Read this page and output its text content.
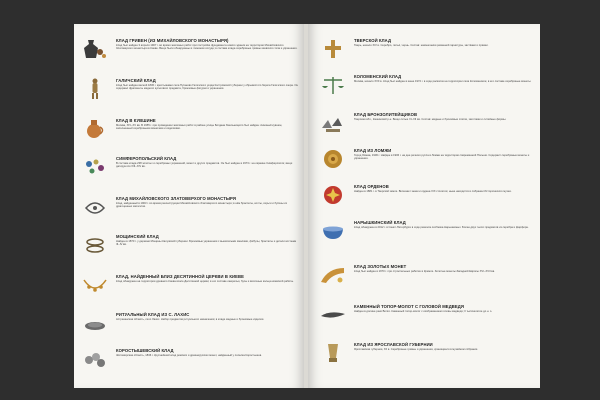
КЛАД ГРИВЕН (ИЗ МИХАЙЛОВСКОГО МОНАСТЫРЯ)
Клад был найден 3 апреля 1907 г. во время земляных работ при постройке фундамента нового здания на территории Михайловского Златоверхого монастыря в Киеве. Вещи были обнаружены в глиняном сосуде; в составе клада серебряные гривны киевского типа и украшения.
ГАЛИЧСКИЙ КЛАД
Клад был найден весной 1836 г. крестьянами села Пуганово Галичского уезда Костромской губернии у обрывистого берега Галичского озера. Он содержал фрагменты медного культового предмета, бронзовые фигурки и украшения.
КЛАД В КУВШИНЕ
Москва, XIV–XV вв. В 1955 г. при проведении земляных работ в районе улицы Богдана Хмельницкого был найден глиняный кувшин, заполненный серебряными монетами и изделиями.
СИМФЕРОПОЛЬСКИЙ КЛАД
В составе клада 238 золотых и серебряных украшений, монет и других предметов. Он был найден в 1973 г. на окраине Симферополя; вещи датируются XIII–XIV вв.
КЛАД МИХАЙЛОВСКОГО ЗЛАТОВЕРХОГО МОНАСТЫРЯ
Клад, найденный в 1903 г. во время реконструкции Михайловского Златоверхого монастыря; в нём браслеты, колты, серьги и бусины из драгоценных металлов.
МОЩИНСКИЙ КЛАД
Найден в 1870 г. у деревни Мощины Калужской губернии. Бронзовые украшения с выемчатыми эмалями, фибулы, браслеты и детали костюма III–IV вв.
КЛАД, НАЙДЕННЫЙ БЛИЗ ДЕСЯТИННОЙ ЦЕРКВИ В КИЕВЕ
Клад обнаружен на территории древнего Киева возле Десятинной церкви; в его составе ожерелья, бусы и височные кольца киевской работы.
РИТУАЛЬНЫЙ КЛАД ИЗ С. ЛАХИС
Астраханская область, село Лахис. Набор предметов ритуального назначения; в кладе медные и бронзовые изделия.
КОРОСТЫШЕВСКИЙ КЛАД
Житомирская область, 1836 г. Крупнейший клад римских и древнерусских монет, найденный у поселка Коростышев.
ТВЕРСКОЙ КЛАД
Тверь, начало XIV в. Серебро, литьё, чернь. Состав: наконечники ременной гарнитуры, застёжки и пряжки.
КОЛОМЕНСКИЙ КЛАД
Москва, начало XVII в. Клад был найден в июне 1972 г. в ходе раскопок на территории села Коломенское; в его составе серебряные монеты.
КЛАД БРОНЗОЛИТЕЙЩИКОВ
Тверская обл., Кашинский р-н. Вещи литые XI–XII вв. Состав: медные и бронзовые слитки, заготовки и литейные формы.
КЛАД ИЗ ЛОМЖИ
Город Ломжа, 1906 г. Найден в 1906 г. на дне речного русла в Ломже на территории современной Польши. Содержит серебряные монеты и украшения.
КЛАД ОРДЕНОВ
Найден в 1881 г. в Тверской земле. Включает знаки и ордена XIX столетия; ныне находится в собрании Исторического музея.
НАРЫШКИНСКИЙ КЛАД
Клад обнаружен в 2012 г. в Санкт-Петербурге в ходе ремонта особняка Нарышкиных. Более двух тысяч предметов из серебра и фарфора.
КЛАД ЗОЛОТЫХ МОНЕТ
Клад был найден в 1970 г. при строительных работах в Кремле. Золотые монеты Западной Европы XVI–XVII вв.
КАМЕННЫЙ ТОПОР-МОЛОТ С ГОЛОВОЙ МЕДВЕДЯ
Найден в долине реки Волги. Каменный топор-молот с изображением головы медведя; II тысячелетие до н. э.
КЛАД ИЗ ЯРОСЛАВСКОЙ ГУБЕРНИИ
Ярославская губерния, XII в. Серебряные гривны и украшения, хранящиеся в музейном собрании.
